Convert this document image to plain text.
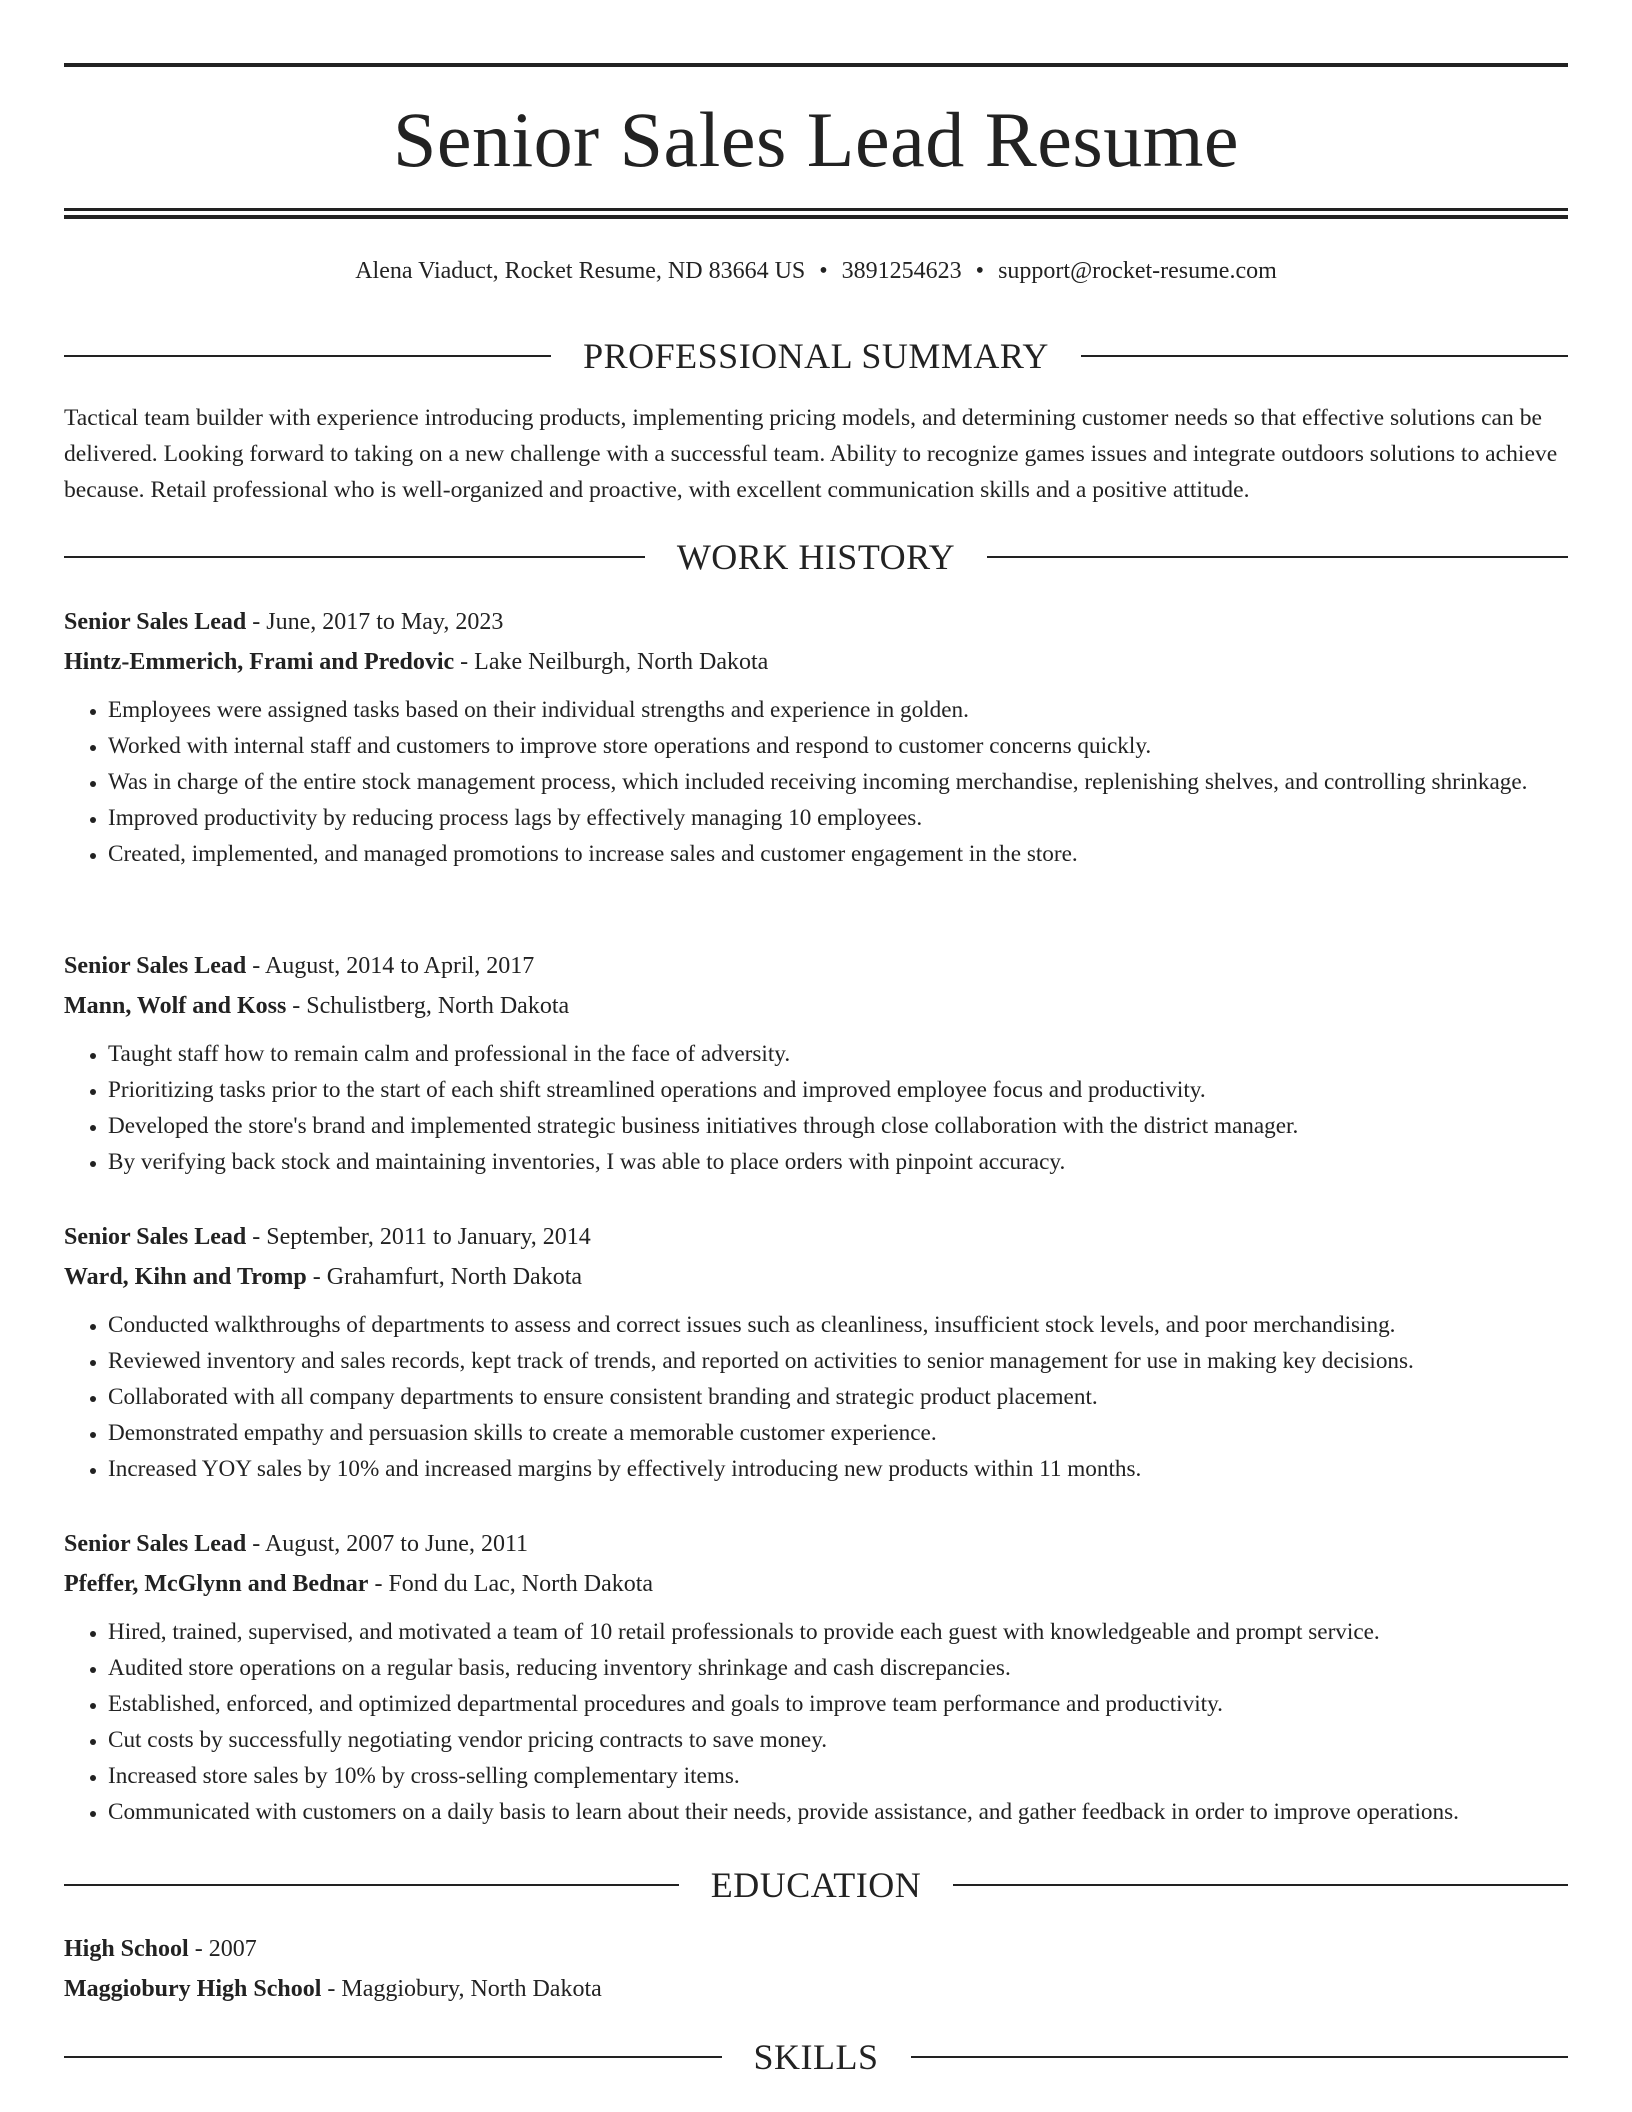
Senior Sales Lead Resume
Alena Viaduct, Rocket Resume, ND 83664 US • 3891254623 • support@rocket-resume.com
PROFESSIONAL SUMMARY

Tactical team builder with experience introducing products, implementing pricing models, and determining customer needs so that effective solutions can be delivered. Looking forward to taking on a new challenge with a successful team. Ability to recognize games issues and integrate outdoors solutions to achieve because. Retail professional who is well-organized and proactive, with excellent communication skills and a positive attitude.

WORK HISTORY
Senior Sales Lead - June, 2017 to May, 2023
Hintz-Emmerich, Frami and Predovic - Lake Neilburgh, North Dakota
• Employees were assigned tasks based on their individual strengths and experience in golden.
• Worked with internal staff and customers to improve store operations and respond to customer concerns quickly.
• Was in charge of the entire stock management process, which included receiving incoming merchandise, replenishing shelves, and controlling shrinkage.
• Improved productivity by reducing process lags by effectively managing 10 employees.
• Created, implemented, and managed promotions to increase sales and customer engagement in the store.
Senior Sales Lead - August, 2014 to April, 2017
Mann, Wolf and Koss - Schulistberg, North Dakota
• Taught staff how to remain calm and professional in the face of adversity.
• Prioritizing tasks prior to the start of each shift streamlined operations and improved employee focus and productivity.
• Developed the store's brand and implemented strategic business initiatives through close collaboration with the district manager.
• By verifying back stock and maintaining inventories, I was able to place orders with pinpoint accuracy.
Senior Sales Lead - September, 2011 to January, 2014
Ward, Kihn and Tromp - Grahamfurt, North Dakota
• Conducted walkthroughs of departments to assess and correct issues such as cleanliness, insufficient stock levels, and poor merchandising.
• Reviewed inventory and sales records, kept track of trends, and reported on activities to senior management for use in making key decisions.
• Collaborated with all company departments to ensure consistent branding and strategic product placement.
• Demonstrated empathy and persuasion skills to create a memorable customer experience.
• Increased YOY sales by 10% and increased margins by effectively introducing new products within 11 months.
Senior Sales Lead - August, 2007 to June, 2011
Pfeffer, McGlynn and Bednar - Fond du Lac, North Dakota
• Hired, trained, supervised, and motivated a team of 10 retail professionals to provide each guest with knowledgeable and prompt service.
• Audited store operations on a regular basis, reducing inventory shrinkage and cash discrepancies.
• Established, enforced, and optimized departmental procedures and goals to improve team performance and productivity.
• Cut costs by successfully negotiating vendor pricing contracts to save money.
• Increased store sales by 10% by cross-selling complementary items.
• Communicated with customers on a daily basis to learn about their needs, provide assistance, and gather feedback in order to improve operations.
EDUCATION
High School - 2007
Maggiobury High School - Maggiobury, North Dakota
SKILLS
